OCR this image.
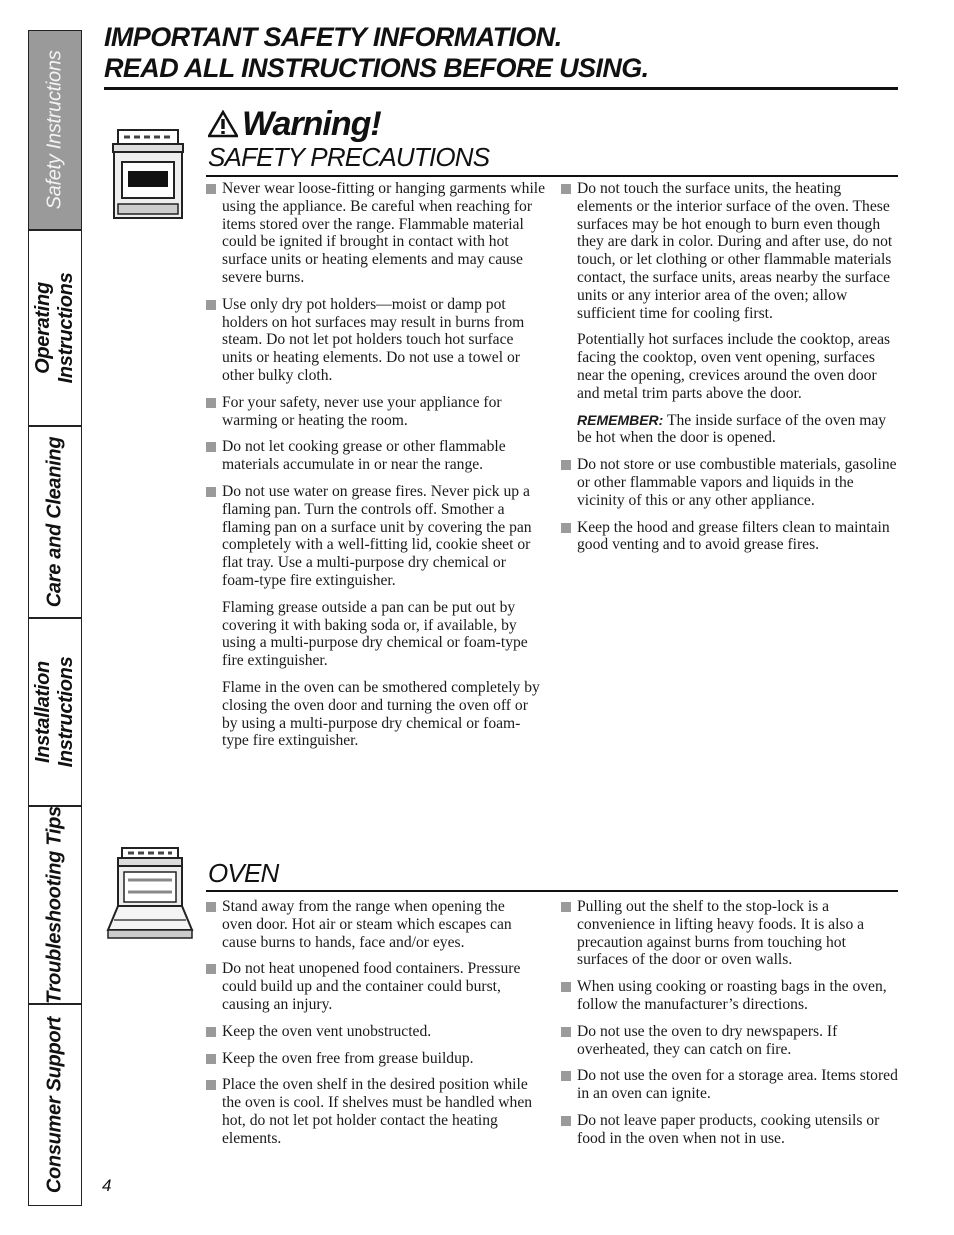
Safety Instructions
Operating
Instructions
Care and Cleaning
Installation
Instructions
Troubleshooting Tips
Consumer Support
IMPORTANT SAFETY INFORMATION.
READ ALL INSTRUCTIONS BEFORE USING.
Warning!
SAFETY PRECAUTIONS
Never wear loose-fitting or hanging garments while using the appliance. Be careful when reaching for items stored over the range. Flammable material could be ignited if brought in contact with hot surface units or heating elements and may cause severe burns.
Use only dry pot holders—moist or damp pot holders on hot surfaces may result in burns from steam. Do not let pot holders touch hot surface units or heating elements. Do not use a towel or other bulky cloth.
For your safety, never use your appliance for warming or heating the room.
Do not let cooking grease or other flammable materials accumulate in or near the range.
Do not use water on grease fires. Never pick up a flaming pan. Turn the controls off. Smother a flaming pan on a surface unit by covering the pan completely with a well-fitting lid, cookie sheet or flat tray. Use a multi-purpose dry chemical or foam-type fire extinguisher.
Flaming grease outside a pan can be put out by covering it with baking soda or, if available, by using a multi-purpose dry chemical or foam-type fire extinguisher.
Flame in the oven can be smothered completely by closing the oven door and turning the oven off or by using a multi-purpose dry chemical or foam-type fire extinguisher.
Do not touch the surface units, the heating elements or the interior surface of the oven. These surfaces may be hot enough to burn even though they are dark in color. During and after use, do not touch, or let clothing or other flammable materials contact, the surface units, areas nearby the surface units or any interior area of the oven; allow sufficient time for cooling first.
Potentially hot surfaces include the cooktop, areas facing the cooktop, oven vent opening, surfaces near the opening, crevices around the oven door and metal trim parts above the door.
REMEMBER: The inside surface of the oven may be hot when the door is opened.
Do not store or use combustible materials, gasoline or other flammable vapors and liquids in the vicinity of this or any other appliance.
Keep the hood and grease filters clean to maintain good venting and to avoid grease fires.
OVEN
Stand away from the range when opening the oven door. Hot air or steam which escapes can cause burns to hands, face and/or eyes.
Do not heat unopened food containers. Pressure could build up and the container could burst, causing an injury.
Keep the oven vent unobstructed.
Keep the oven free from grease buildup.
Place the oven shelf in the desired position while the oven is cool. If shelves must be handled when hot, do not let pot holder contact the heating elements.
Pulling out the shelf to the stop-lock is a convenience in lifting heavy foods. It is also a precaution against burns from touching hot surfaces of the door or oven walls.
When using cooking or roasting bags in the oven, follow the manufacturer’s directions.
Do not use the oven to dry newspapers. If overheated, they can catch on fire.
Do not use the oven for a storage area. Items stored in an oven can ignite.
Do not leave paper products, cooking utensils or food in the oven when not in use.
4
